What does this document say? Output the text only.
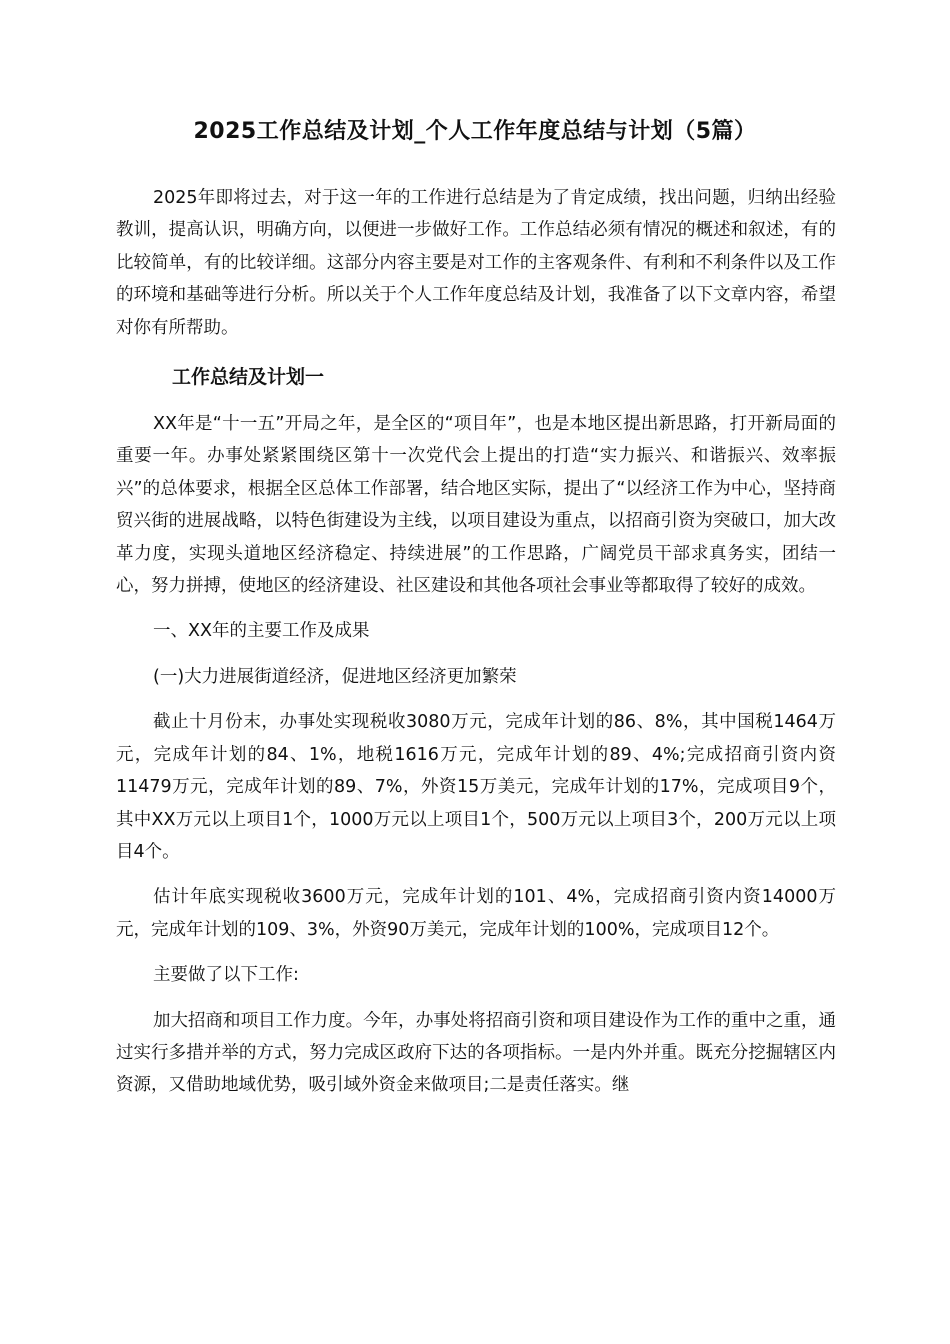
2025工作总结及计划_个人工作年度总结与计划（5篇）

2025年即将过去，对于这一年的工作进行总结是为了肯定成绩，找出问题，归纳出经验教训，提高认识，明确方向，以便进一步做好工作。工作总结必须有情况的概述和叙述，有的比较简单，有的比较详细。这部分内容主要是对工作的主客观条件、有利和不利条件以及工作的环境和基础等进行分析。所以关于个人工作年度总结及计划，我准备了以下文章内容，希望对你有所帮助。

工作总结及计划一

XX年是“十一五”开局之年，是全区的“项目年”，也是本地区提出新思路，打开新局面的重要一年。办事处紧紧围绕区第十一次党代会上提出的打造“实力振兴、和谐振兴、效率振兴”的总体要求，根据全区总体工作部署，结合地区实际，提出了“以经济工作为中心，坚持商贸兴街的进展战略，以特色街建设为主线，以项目建设为重点，以招商引资为突破口，加大改革力度，实现头道地区经济稳定、持续进展”的工作思路，广阔党员干部求真务实，团结一心，努力拼搏，使地区的经济建设、社区建设和其他各项社会事业等都取得了较好的成效。

一、XX年的主要工作及成果

(一)大力进展街道经济，促进地区经济更加繁荣

截止十月份末，办事处实现税收3080万元，完成年计划的86、8%，其中国税1464万元，完成年计划的84、1%，地税1616万元，完成年计划的89、4%;完成招商引资内资11479万元，完成年计划的89、7%，外资15万美元，完成年计划的17%，完成项目9个，其中XX万元以上项目1个，1000万元以上项目1个，500万元以上项目3个，200万元以上项目4个。

估计年底实现税收3600万元，完成年计划的101、4%，完成招商引资内资14000万元，完成年计划的109、3%，外资90万美元，完成年计划的100%，完成项目12个。

主要做了以下工作:

加大招商和项目工作力度。今年，办事处将招商引资和项目建设作为工作的重中之重，通过实行多措并举的方式，努力完成区政府下达的各项指标。一是内外并重。既充分挖掘辖区内资源，又借助地域优势，吸引域外资金来做项目;二是责任落实。继
